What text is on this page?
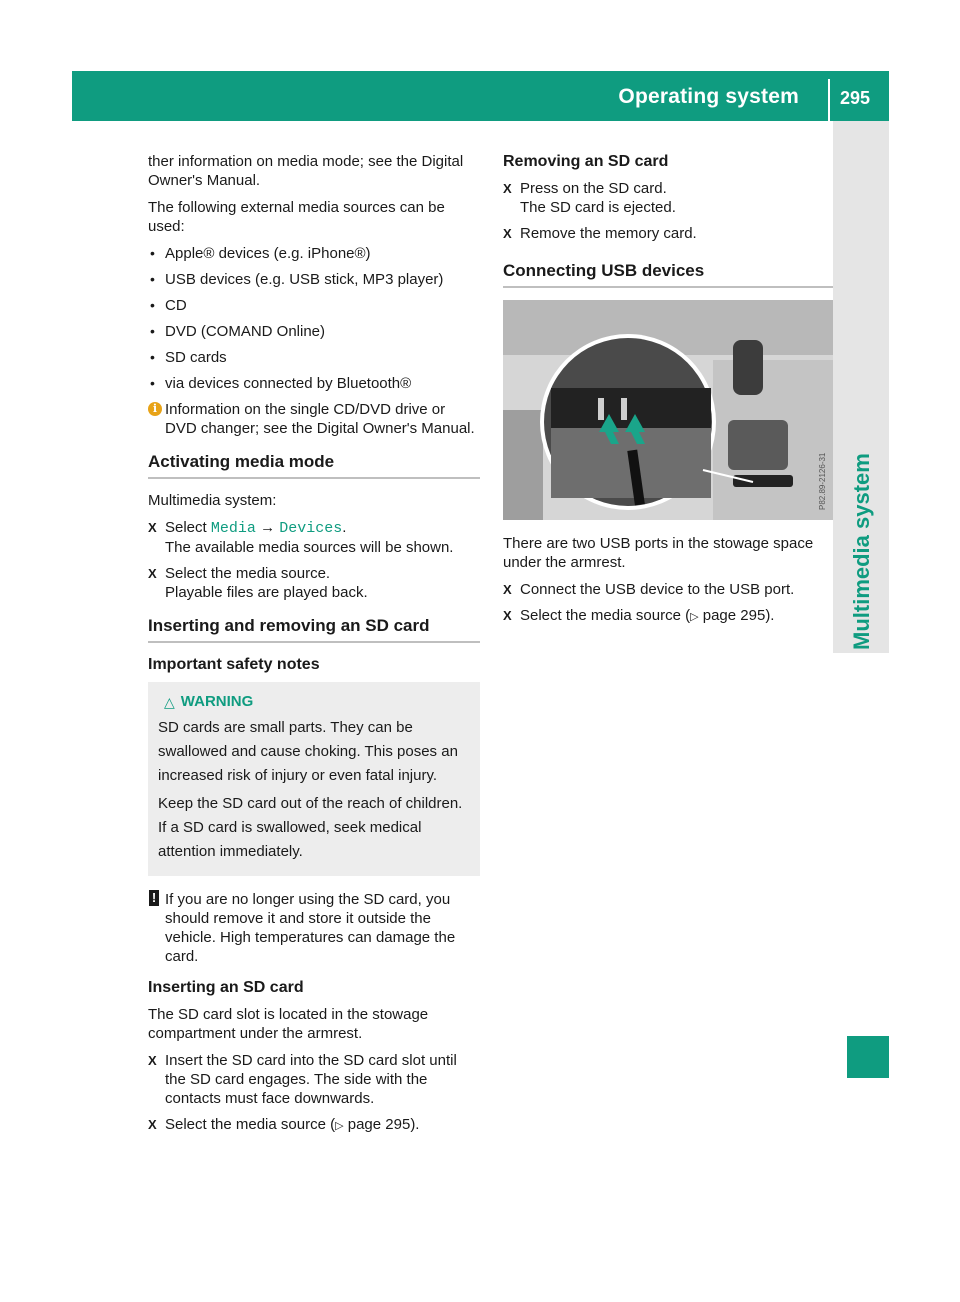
Operating system 295
Multimedia system

ther information on media mode; see the Digital Owner's Manual.

The following external media sources can be used:

• Apple® devices (e.g. iPhone®)
• USB devices (e.g. USB stick, MP3 player)
• CD
• DVD (COMAND Online)
• SD cards
• via devices connected by Bluetooth®
i Information on the single CD/DVD drive or DVD changer; see the Digital Owner's Manual.
Activating media mode

Multimedia system:

X Select Media → Devices.
The available media sources will be shown.
X Select the media source.
Playable files are played back.
Inserting and removing an SD card
Important safety notes
△ WARNING

SD cards are small parts. They can be swallowed and cause choking. This poses an increased risk of injury or even fatal injury.

Keep the SD card out of the reach of children. If a SD card is swallowed, seek medical attention immediately.

! If you are no longer using the SD card, you should remove it and store it outside the vehicle. High temperatures can damage the card.
Inserting an SD card

The SD card slot is located in the stowage compartment under the armrest.

X Insert the SD card into the SD card slot until the SD card engages. The side with the contacts must face downwards.
X Select the media source (▷ page 295).
Removing an SD card
X Press on the SD card.
The SD card is ejected.
X Remove the memory card.
Connecting USB devices
P82.89-2126-31

There are two USB ports in the stowage space under the armrest.

X Connect the USB device to the USB port.
X Select the media source (▷ page 295).
